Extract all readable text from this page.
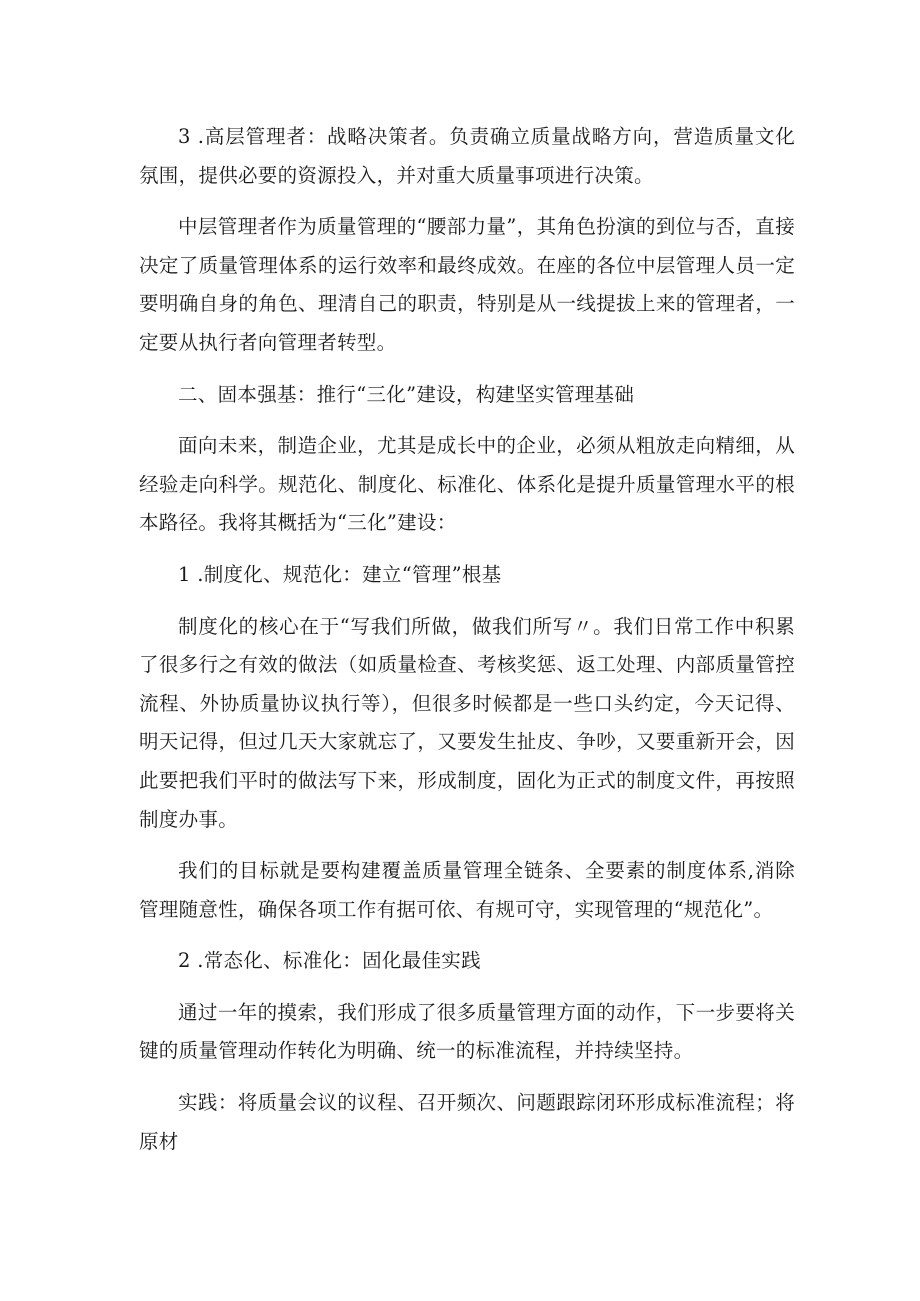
3 .高层管理者：战略决策者。负责确立质量战略方向，营造质量文化氛围，提供必要的资源投入，并对重大质量事项进行决策。

中层管理者作为质量管理的“腰部力量”，其角色扮演的到位与否，直接决定了质量管理体系的运行效率和最终成效。在座的各位中层管理人员一定要明确自身的角色、理清自己的职责，特别是从一线提拔上来的管理者，一定要从执行者向管理者转型。

二、固本强基：推行“三化”建设，构建坚实管理基础

面向未来，制造企业，尤其是成长中的企业，必须从粗放走向精细，从经验走向科学。规范化、制度化、标准化、体系化是提升质量管理水平的根本路径。我将其概括为“三化”建设：

1 .制度化、规范化：建立“管理”根基

制度化的核心在于“写我们所做，做我们所写〃。我们日常工作中积累了很多行之有效的做法（如质量检查、考核奖惩、返工处理、内部质量管控流程、外协质量协议执行等），但很多时候都是一些口头约定，今天记得、明天记得，但过几天大家就忘了，又要发生扯皮、争吵，又要重新开会，因此要把我们平时的做法写下来，形成制度，固化为正式的制度文件，再按照制度办事。

我们的目标就是要构建覆盖质量管理全链条、全要素的制度体系,消除管理随意性，确保各项工作有据可依、有规可守，实现管理的“规范化”。

2 .常态化、标准化：固化最佳实践

通过一年的摸索，我们形成了很多质量管理方面的动作，下一步要将关键的质量管理动作转化为明确、统一的标准流程，并持续坚持。

实践：将质量会议的议程、召开频次、问题跟踪闭环形成标准流程；将原材
